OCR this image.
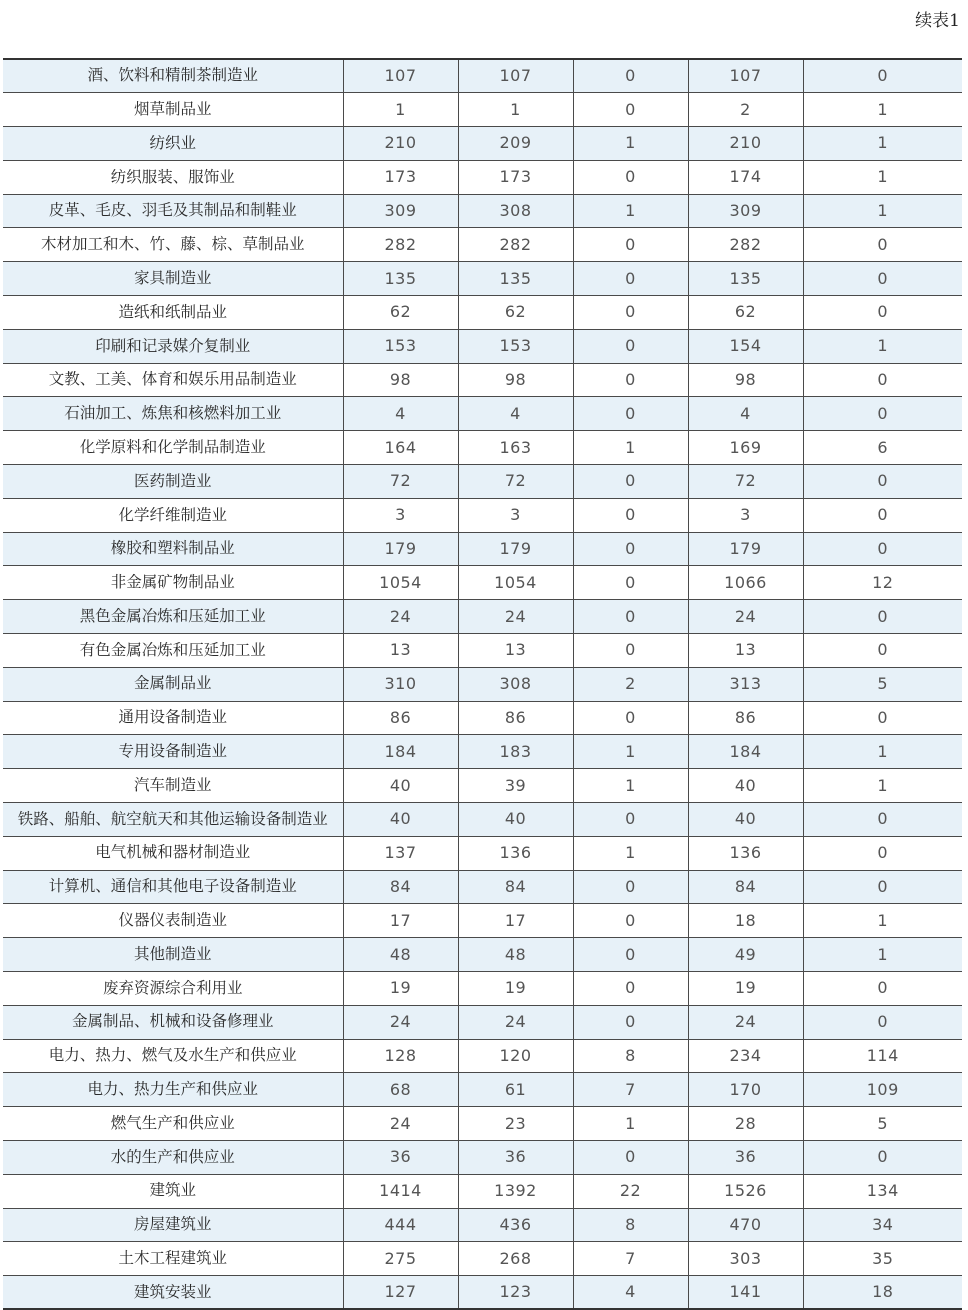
续表1
酒、饮料和精制茶制造业	107	107	0	107	0
烟草制品业	1	1	0	2	1
纺织业	210	209	1	210	1
纺织服装、服饰业	173	173	0	174	1
皮革、毛皮、羽毛及其制品和制鞋业	309	308	1	309	1
木材加工和木、竹、藤、棕、草制品业	282	282	0	282	0
家具制造业	135	135	0	135	0
造纸和纸制品业	62	62	0	62	0
印刷和记录媒介复制业	153	153	0	154	1
文教、工美、体育和娱乐用品制造业	98	98	0	98	0
石油加工、炼焦和核燃料加工业	4	4	0	4	0
化学原料和化学制品制造业	164	163	1	169	6
医药制造业	72	72	0	72	0
化学纤维制造业	3	3	0	3	0
橡胶和塑料制品业	179	179	0	179	0
非金属矿物制品业	1054	1054	0	1066	12
黑色金属冶炼和压延加工业	24	24	0	24	0
有色金属冶炼和压延加工业	13	13	0	13	0
金属制品业	310	308	2	313	5
通用设备制造业	86	86	0	86	0
专用设备制造业	184	183	1	184	1
汽车制造业	40	39	1	40	1
铁路、船舶、航空航天和其他运输设备制造业	40	40	0	40	0
电气机械和器材制造业	137	136	1	136	0
计算机、通信和其他电子设备制造业	84	84	0	84	0
仪器仪表制造业	17	17	0	18	1
其他制造业	48	48	0	49	1
废弃资源综合利用业	19	19	0	19	0
金属制品、机械和设备修理业	24	24	0	24	0
电力、热力、燃气及水生产和供应业	128	120	8	234	114
电力、热力生产和供应业	68	61	7	170	109
燃气生产和供应业	24	23	1	28	5
水的生产和供应业	36	36	0	36	0
建筑业	1414	1392	22	1526	134
房屋建筑业	444	436	8	470	34
土木工程建筑业	275	268	7	303	35
建筑安装业	127	123	4	141	18
